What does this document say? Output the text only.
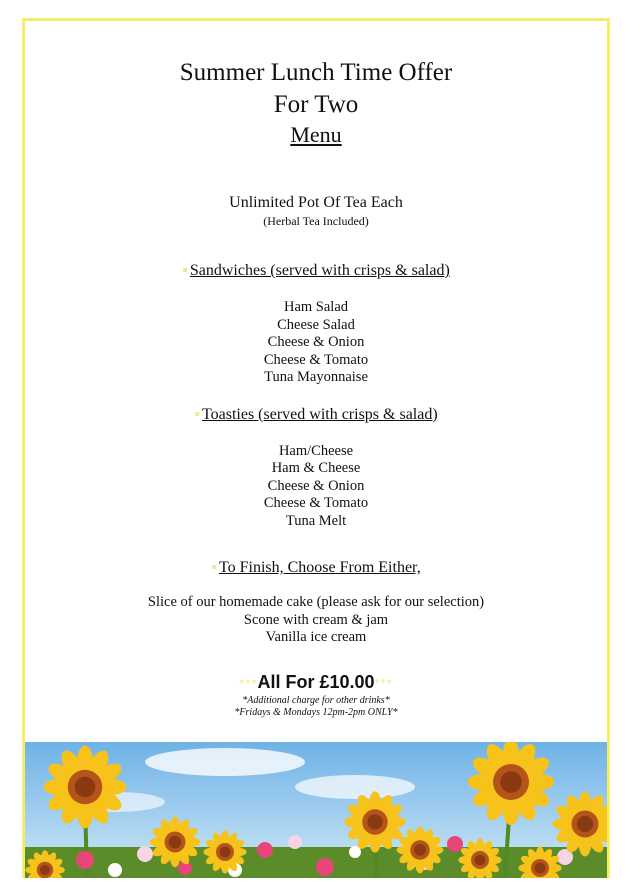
Summer Lunch Time Offer
For Two
Menu
Unlimited Pot Of Tea Each
(Herbal Tea Included)
▪ Sandwiches (served with crisps & salad)
Ham Salad
Cheese Salad
Cheese & Onion
Cheese & Tomato
Tuna Mayonnaise
▪ Toasties (served with crisps & salad)
Ham/Cheese
Ham & Cheese
Cheese & Onion
Cheese & Tomato
Tuna Melt
▪ To Finish, Choose From Either,
Slice of our homemade cake (please ask for our selection)
Scone with cream & jam
Vanilla ice cream
***All For £10.00***
*Additional charge for other drinks*
*Fridays & Mondays 12pm-2pm ONLY*
